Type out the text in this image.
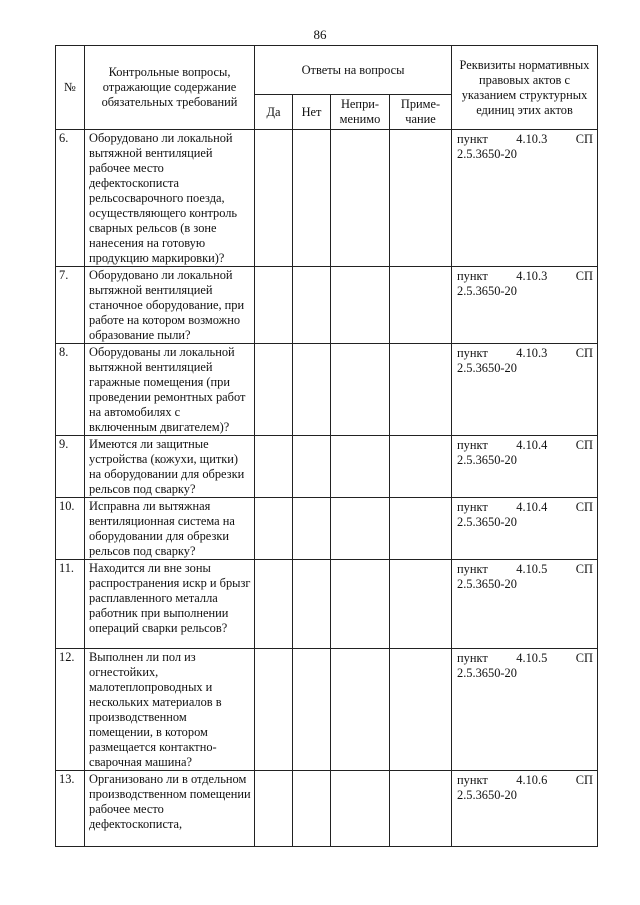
86
№	Контрольные вопросы, отражающие содержание обязательных требований	Ответы на вопросы				Реквизиты нормативных правовых актов с указанием структурных единиц этих актов
		Да	Нет	Непри-менимо	Приме-чание	
6.	Оборудовано ли локальной вытяжной вентиляцией рабочее место дефектоскописта рельсосварочного поезда, осуществляющего контроль сварных рельсов (в зоне нанесения на готовую продукцию маркировки)?					пункт 4.10.3 СП
2.5.3650-20

7.	Оборудовано ли локальной вытяжной вентиляцией станочное оборудование, при работе на котором возможно образование пыли?					пункт 4.10.3 СП
2.5.3650-20

8.	Оборудованы ли локальной вытяжной вентиляцией гаражные помещения (при проведении ремонтных работ на автомобилях с включенным двигателем)?					пункт 4.10.3 СП
2.5.3650-20

9.	Имеются ли защитные устройства (кожухи, щитки) на оборудовании для обрезки рельсов под сварку?					пункт 4.10.4 СП
2.5.3650-20

10.	Исправна ли вытяжная вентиляционная система на оборудовании для обрезки рельсов под сварку?					пункт 4.10.4 СП
2.5.3650-20

11.	Находится ли вне зоны распространения искр и брызг расплавленного металла работник при выполнении операций сварки рельсов?					пункт 4.10.5 СП
2.5.3650-20

12.	Выполнен ли пол из огнестойких, малотеплопроводных и нескольких материалов в производственном помещении, в котором размещается контактно-сварочная машина?					пункт 4.10.5 СП
2.5.3650-20

13.	Организовано ли в отдельном производственном помещении рабочее место дефектоскописта,					пункт 4.10.6 СП
2.5.3650-20
